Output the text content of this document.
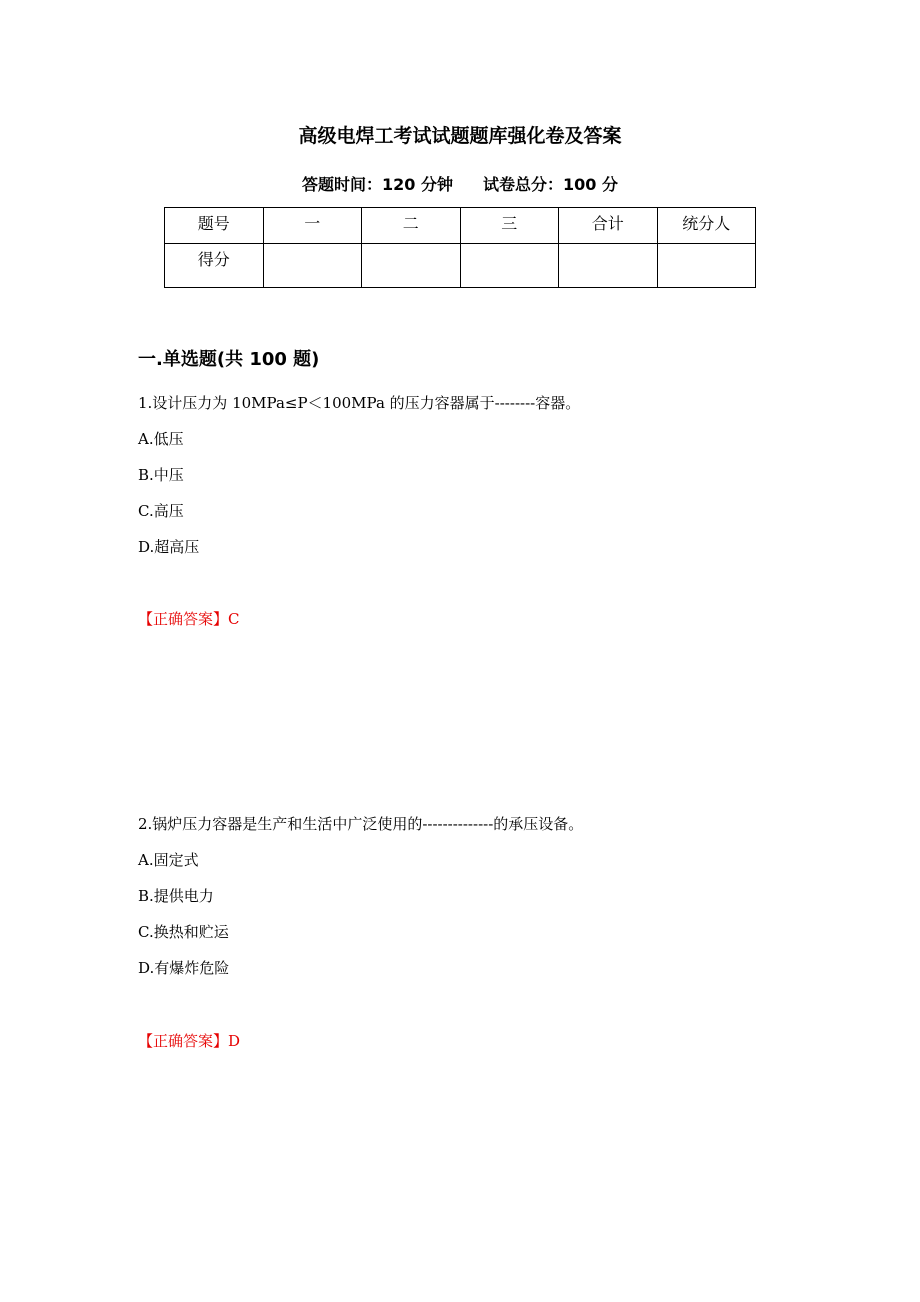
高级电焊工考试试题题库强化卷及答案
答题时间：120 分钟 试卷总分：100 分
题号	一	二	三	合计	统分人
得分					
一.单选题(共 100 题)
1.设计压力为 10MPa≤P＜100MPa 的压力容器属于--------容器。
A.低压
B.中压
C.高压
D.超高压
【正确答案】C
2.锅炉压力容器是生产和生活中广泛使用的--------------的承压设备。
A.固定式
B.提供电力
C.换热和贮运
D.有爆炸危险
【正确答案】D
